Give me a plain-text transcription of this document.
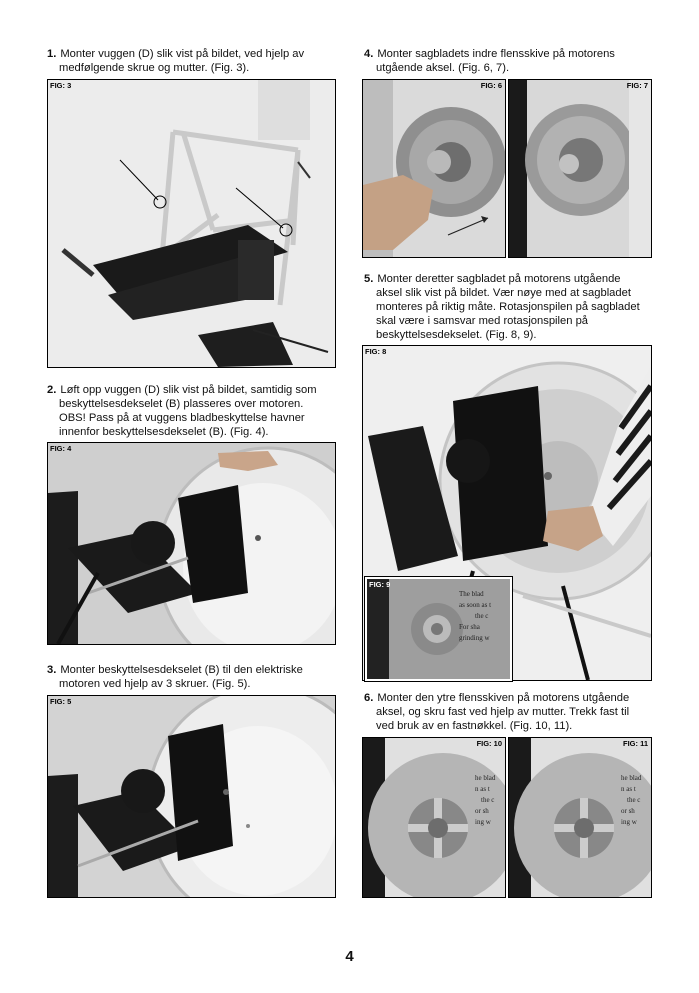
1. Monter vuggen (D) slik vist på bildet, ved hjelp av
medfølgende skrue og mutter. (Fig. 3).
FIG: 3
2. Løft opp vuggen (D) slik vist på bildet, samtidig som
beskyttelsesdekselet (B) plasseres over motoren.
OBS! Pass på at vuggens bladbeskyttelse havner
innenfor beskyttelsesdekselet (B). (Fig. 4).
FIG: 4
3. Monter beskyttelsesdekselet (B) til den elektriske
motoren ved hjelp av 3 skruer. (Fig. 5).
FIG: 5
4. Monter sagbladets indre flensskive på motorens
utgående aksel. (Fig. 6, 7).
FIG: 6	FIG: 7
5. Monter deretter sagbladet på motorens utgående
aksel slik vist på bildet. Vær nøye med at sagbladet
monteres på riktig måte. Rotasjonspilen på sagbladet
skal være i samsvar med rotasjonspilen på
beskyttelsesdekselet. (Fig. 8, 9).
FIG: 8
FIG: 9
The blad
as soon as t
the c
For sha
grinding w
6. Monter den ytre flensskiven på motorens utgående
aksel, og skru fast ved hjelp av mutter. Trekk fast til
ved bruk av en fastnøkkel. (Fig. 10, 11).
FIG: 10
he blad
n as t
the c
or sh
ing w
FIG: 11
he blad
n as t
the c
or sh
ing w
4
